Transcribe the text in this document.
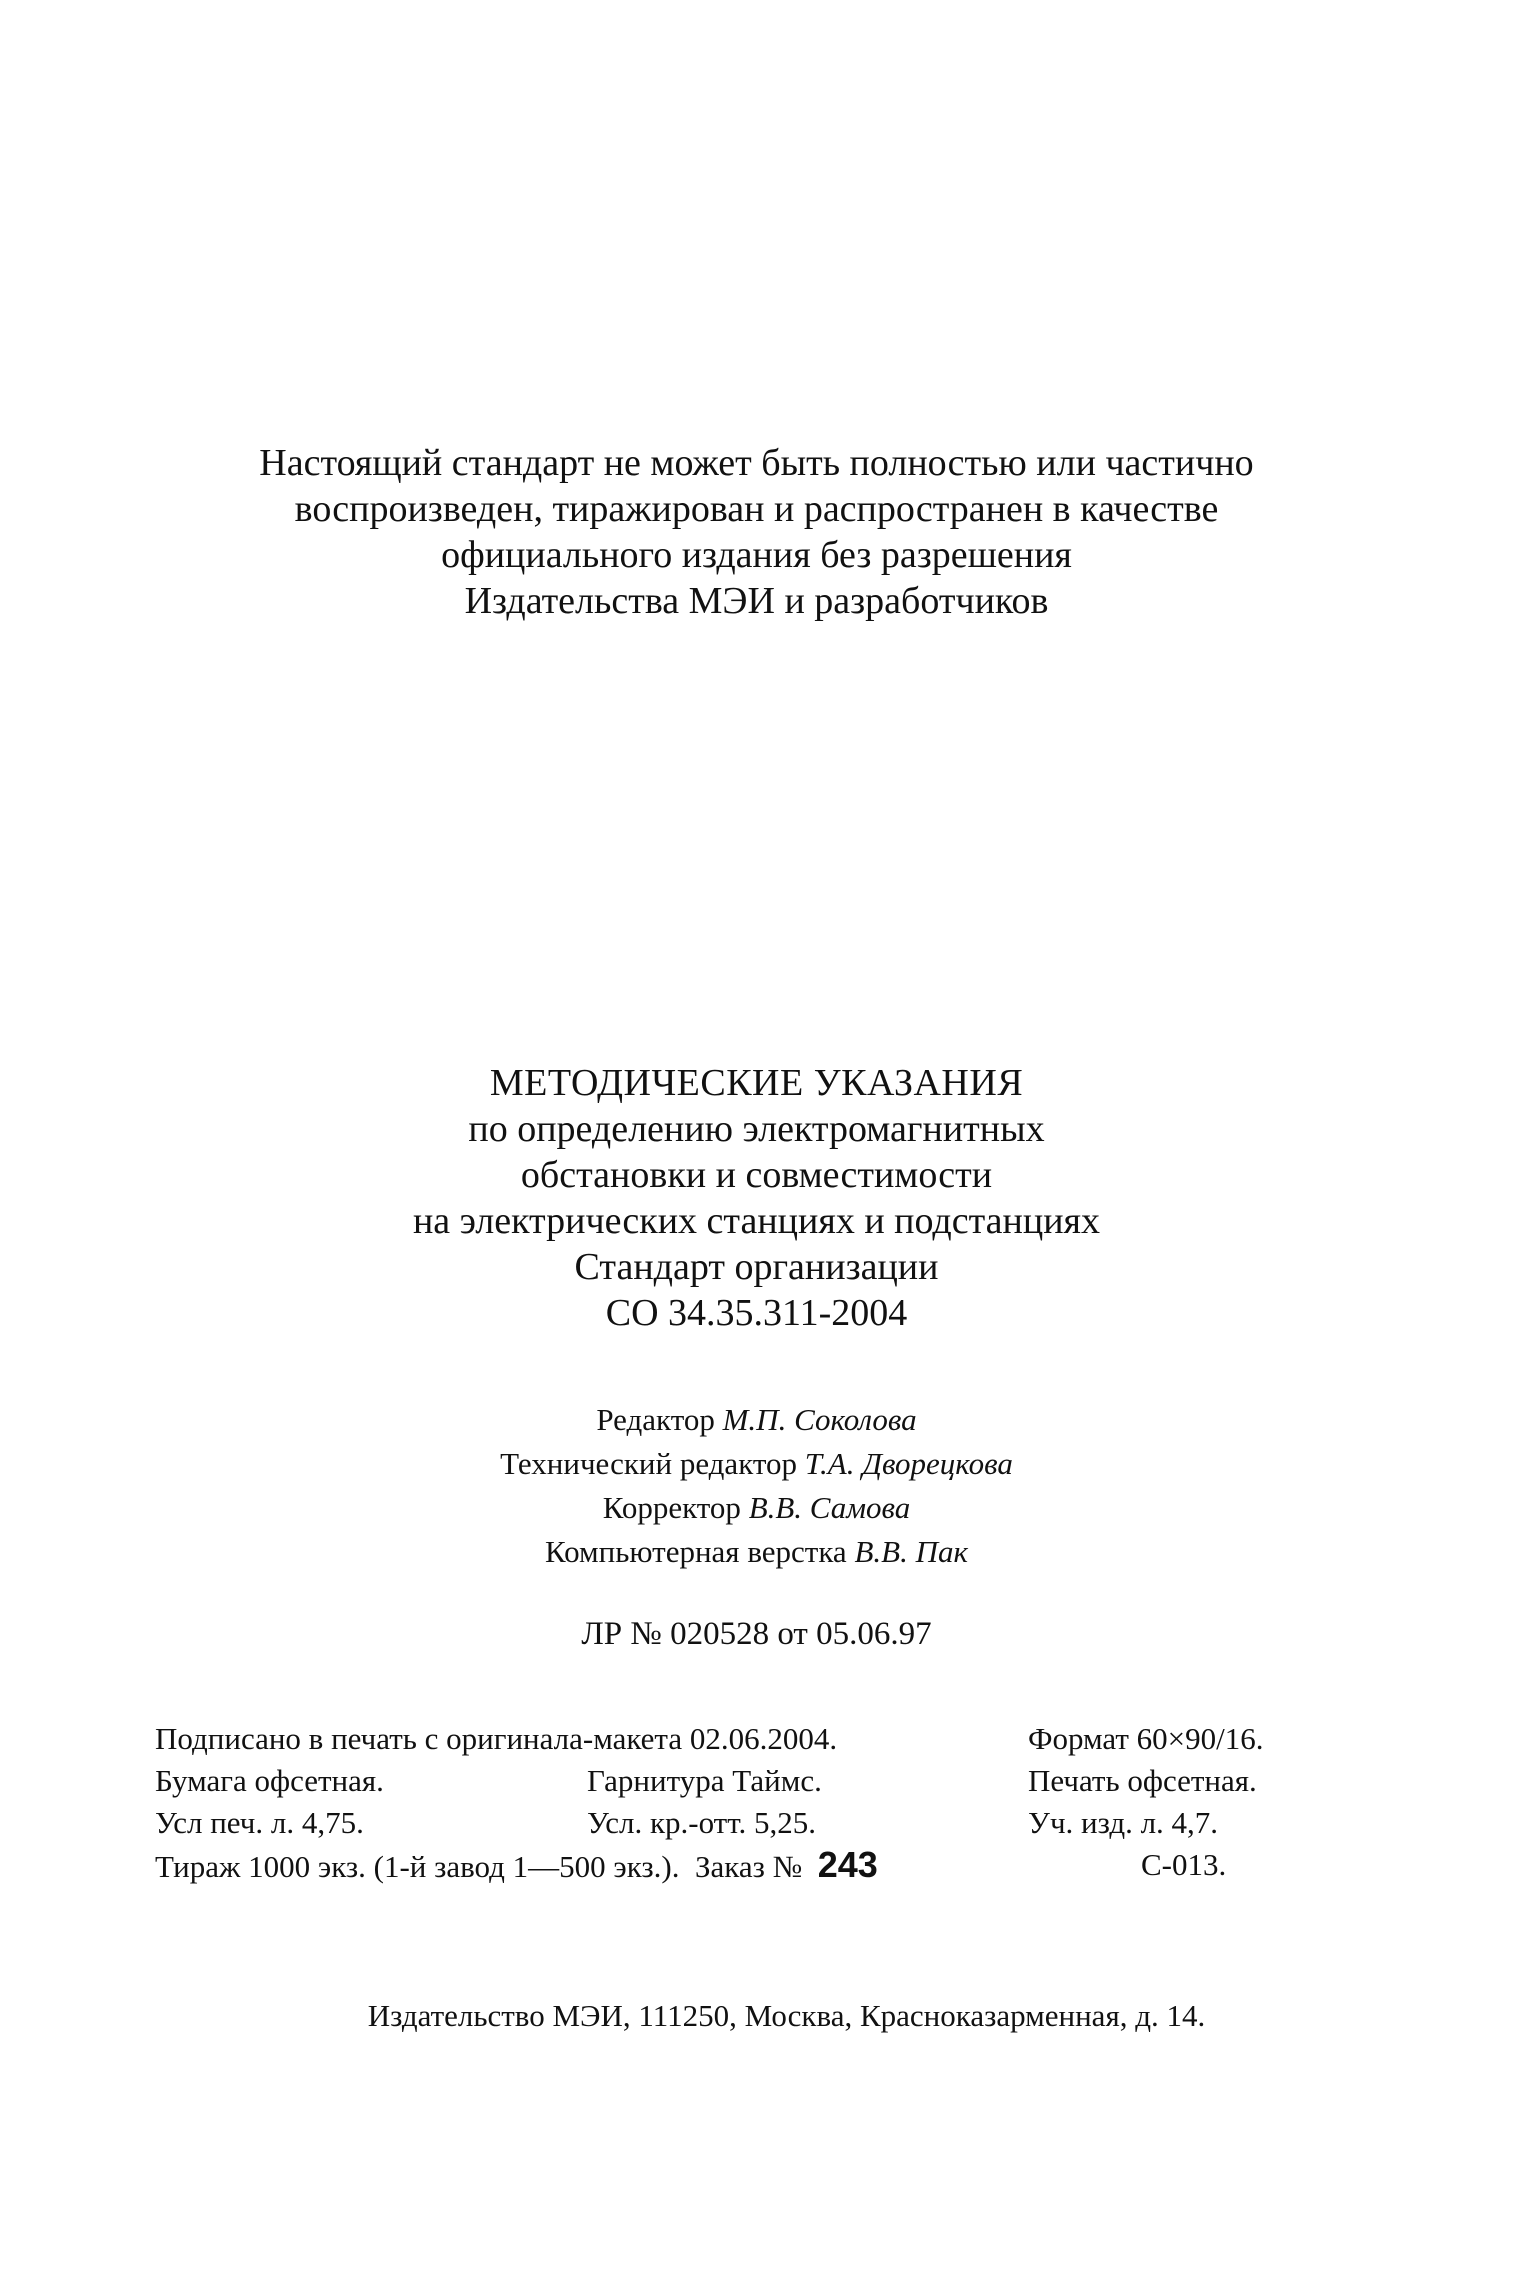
Настоящий стандарт не может быть полностью или частично
воспроизведен, тиражирован и распространен в качестве
официального издания без разрешения
Издательства МЭИ и разработчиков
МЕТОДИЧЕСКИЕ УКАЗАНИЯ
по определению электромагнитных
обстановки и совместимости
на электрических станциях и подстанциях
Стандарт организации
СО 34.35.311-2004
Редактор М.П. Соколова
Технический редактор Т.А. Дворецкова
Корректор В.В. Самова
Компьютерная верстка В.В. Пак
ЛР № 020528 от 05.06.97
Подписано в печать с оригинала-макета 02.06.2004.	Формат 60×90/16.
Бумага офсетная.	Гарнитура Таймс.	Печать офсетная.
Усл печ. л. 4,75.	Усл. кр.-отт. 5,25.	Уч. изд. л. 4,7.
Тираж 1000 экз. (1-й завод 1—500 экз.). Заказ № 243	С-013.
Издательство МЭИ, 111250, Москва, Красноказарменная, д. 14.
